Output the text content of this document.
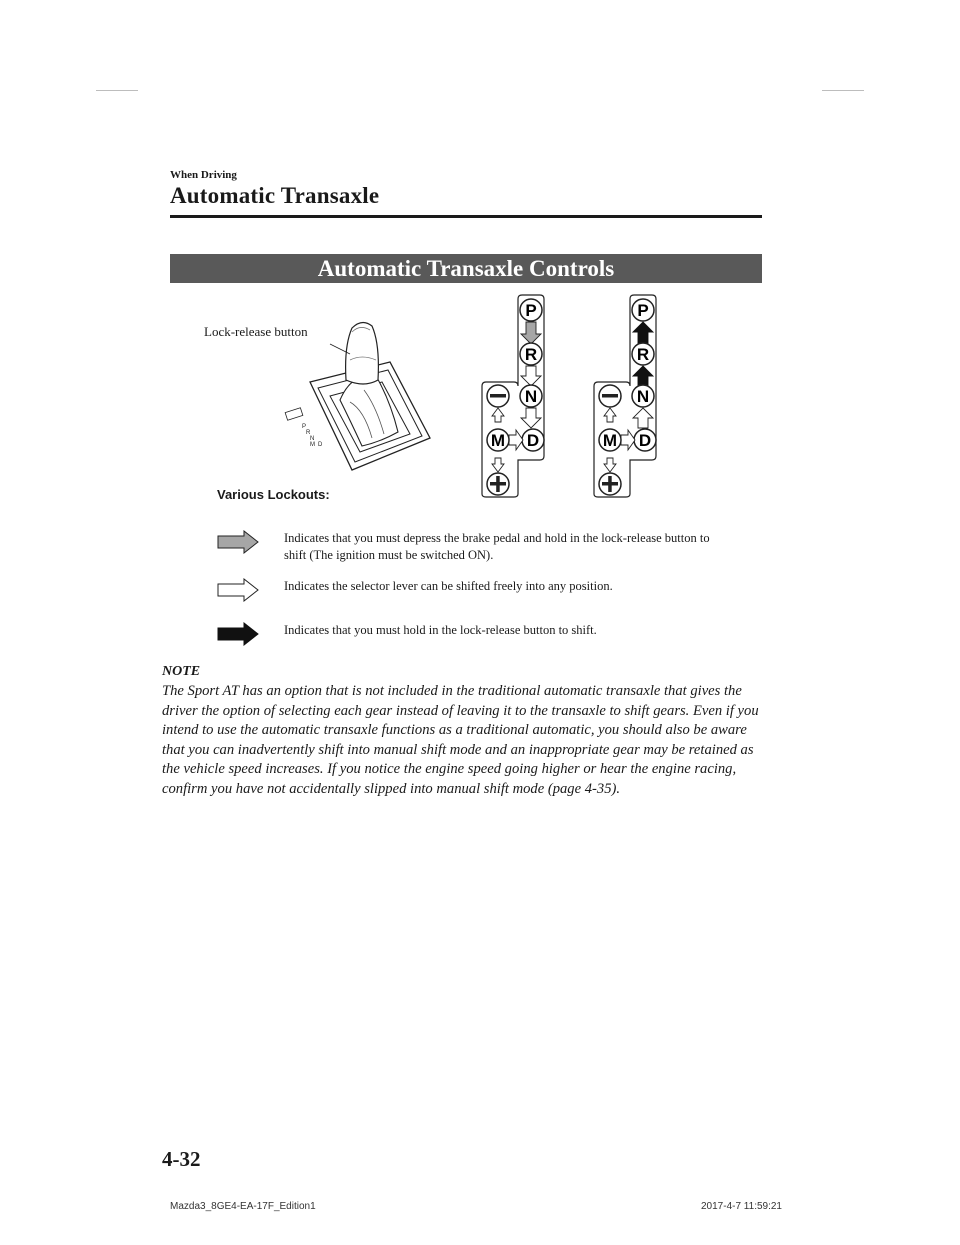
When Driving
Automatic Transaxle
Automatic Transaxle Controls
Lock-release button
P
R
N
M D
P
R
N
D
M
P
R
N
D
M
Various Lockouts:
Indicates that you must depress the brake pedal and hold in the lock-release button to shift (The ignition must be switched ON).
Indicates the selector lever can be shifted freely into any position.
Indicates that you must hold in the lock-release button to shift.
NOTE
The Sport AT has an option that is not included in the traditional automatic transaxle that gives the driver the option of selecting each gear instead of leaving it to the transaxle to shift gears. Even if you intend to use the automatic transaxle functions as a traditional automatic, you should also be aware that you can inadvertently shift into manual shift mode and an inappropriate gear may be retained as the vehicle speed increases. If you notice the engine speed going higher or hear the engine racing, confirm you have not accidentally slipped into manual shift mode (page 4-35).
4-32
Mazda3_8GE4-EA-17F_Edition1	2017-4-7 11:59:21
